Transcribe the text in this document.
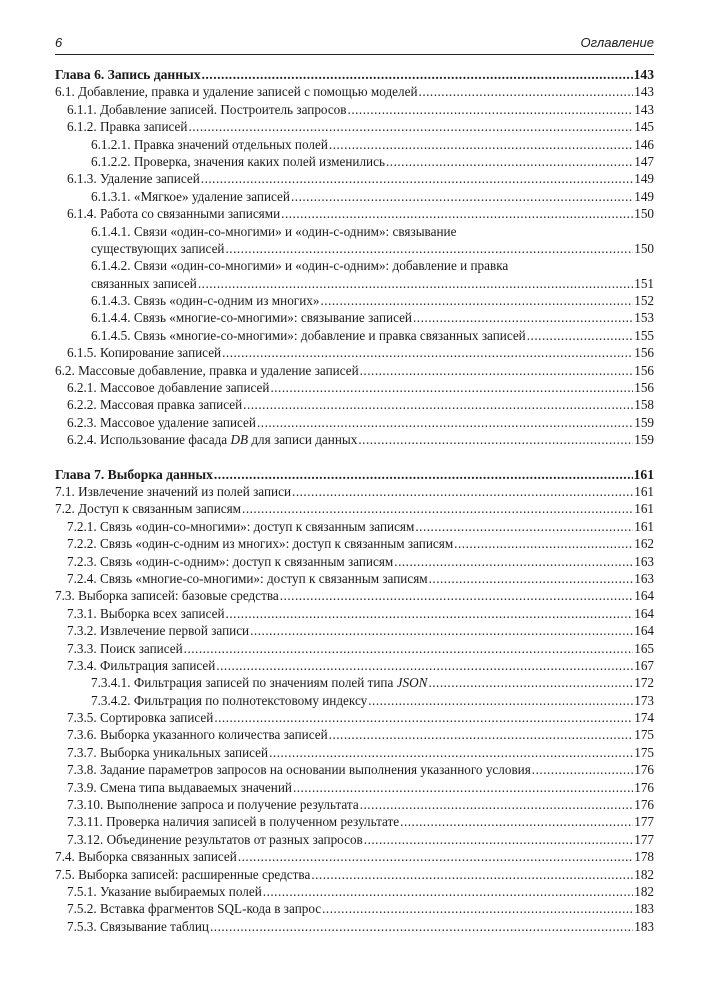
6	Оглавление
Глава 6. Запись данных .....	143
6.1. Добавление, правка и удаление записей с помощью моделей .....	143
6.1.1. Добавление записей. Построитель запросов .....	143
6.1.2. Правка записей .....	145
6.1.2.1. Правка значений отдельных полей .....	146
6.1.2.2. Проверка, значения каких полей изменились .....	147
6.1.3. Удаление записей .....	149
6.1.3.1. «Мягкое» удаление записей .....	149
6.1.4. Работа со связанными записями .....	150
6.1.4.1. Связи «один-со-многими» и «один-с-одним»: связывание
существующих записей .....	150
6.1.4.2. Связи «один-со-многими» и «один-с-одним»: добавление и правка
связанных записей .....	151
6.1.4.3. Связь «один-с-одним из многих» .....	152
6.1.4.4. Связь «многие-со-многими»: связывание записей .....	153
6.1.4.5. Связь «многие-со-многими»: добавление и правка связанных записей .....	155
6.1.5. Копирование записей .....	156
6.2. Массовые добавление, правка и удаление записей .....	156
6.2.1. Массовое добавление записей .....	156
6.2.2. Массовая правка записей .....	158
6.2.3. Массовое удаление записей .....	159
6.2.4. Использование фасада DB для записи данных .....	159
Глава 7. Выборка данных .....	161
7.1. Извлечение значений из полей записи .....	161
7.2. Доступ к связанным записям .....	161
7.2.1. Связь «один-со-многими»: доступ к связанным записям .....	161
7.2.2. Связь «один-с-одним из многих»: доступ к связанным записям .....	162
7.2.3. Связь «один-с-одним»: доступ к связанным записям .....	163
7.2.4. Связь «многие-со-многими»: доступ к связанным записям .....	163
7.3. Выборка записей: базовые средства .....	164
7.3.1. Выборка всех записей .....	164
7.3.2. Извлечение первой записи .....	164
7.3.3. Поиск записей .....	165
7.3.4. Фильтрация записей .....	167
7.3.4.1. Фильтрация записей по значениям полей типа JSON .....	172
7.3.4.2. Фильтрация по полнотекстовому индексу .....	173
7.3.5. Сортировка записей .....	174
7.3.6. Выборка указанного количества записей .....	175
7.3.7. Выборка уникальных записей .....	175
7.3.8. Задание параметров запросов на основании выполнения указанного условия .....	176
7.3.9. Смена типа выдаваемых значений .....	176
7.3.10. Выполнение запроса и получение результата .....	176
7.3.11. Проверка наличия записей в полученном результате .....	177
7.3.12. Объединение результатов от разных запросов .....	177
7.4. Выборка связанных записей .....	178
7.5. Выборка записей: расширенные средства .....	182
7.5.1. Указание выбираемых полей .....	182
7.5.2. Вставка фрагментов SQL-кода в запрос .....	183
7.5.3. Связывание таблиц .....	183
